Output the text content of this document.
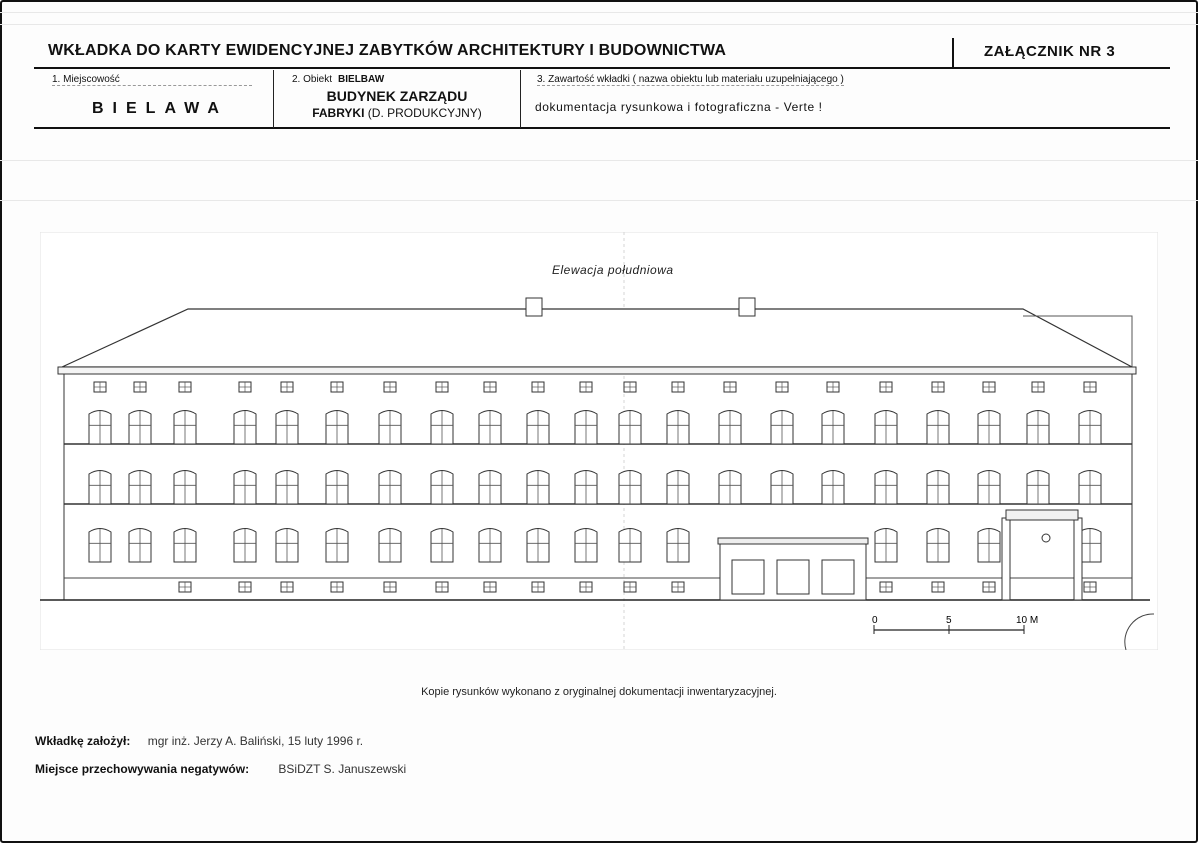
WKŁADKA DO KARTY EWIDENCYJNEJ ZABYTKÓW ARCHITEKTURY I BUDOWNICTWA	ZAŁĄCZNIK NR 3
1. Miejscowość
BIELAWA
2. Obiekt BIELBAW
BUDYNEK ZARZĄDU
FABRYKI (D. PRODUKCYJNY)
3. Zawartość wkładki ( nazwa obiektu lub materiału uzupełniającego )
dokumentacja rysunkowa i fotograficzna - Verte !
0	5	10 M
Elewacja południowa
Kopie rysunków wykonano z oryginalnej dokumentacji inwentaryzacyjnej.
Wkładkę założył: mgr inż. Jerzy A. Baliński, 15 luty 1996 r.
Miejsce przechowywania negatywów: BSiDZT S. Januszewski
